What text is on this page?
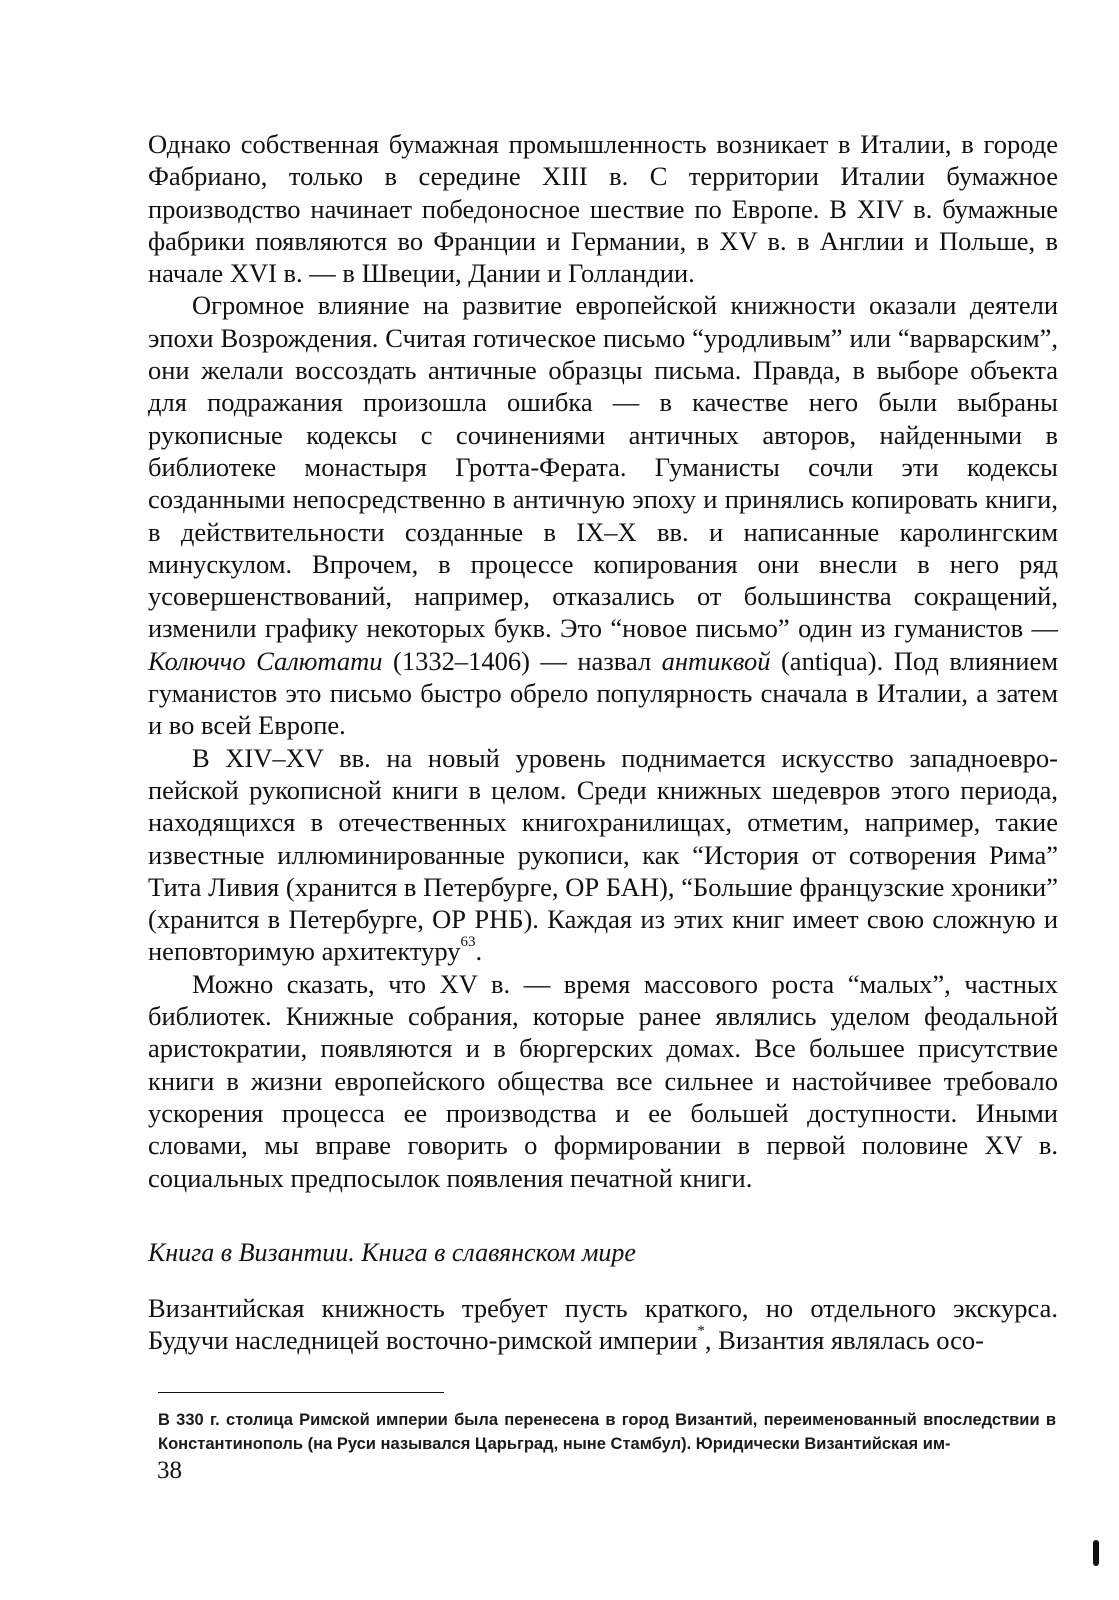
Однако собственная бумажная промышленность возникает в Италии, в городе Фабриано, только в середине XIII в. С территории Италии бумажное производство начинает победоносное шествие по Европе. В XIV в. бумажные фабрики появляются во Франции и Германии, в XV в. в Англии и Польше, в начале XVI в. — в Швеции, Дании и Голландии.

Огромное влияние на развитие европейской книжности оказали деятели эпохи Возрождения. Считая готическое письмо “уродливым” или “варварским”, они желали воссоздать античные образцы письма. Правда, в выборе объекта для подражания произошла ошибка — в качестве него были выбраны рукописные кодексы с сочинениями античных авторов, найденными в библиотеке монастыря Гротта-Ферата. Гуманисты сочли эти кодексы созданными непосредственно в античную эпоху и принялись копировать книги, в действительности созданные в IX–X вв. и написанные каролингским минускулом. Впрочем, в процессе копирования они внесли в него ряд усовершенствований, например, отказались от большинства сокращений, изменили графику некоторых букв. Это “новое письмо” один из гуманистов — Колюччо Салютати (1332–1406) — назвал антиквой (antiqua). Под влиянием гуманистов это письмо быстро обрело популярность сначала в Италии, а затем и во всей Европе.

В XIV–XV вв. на новый уровень поднимается искусство западноевропейской рукописной книги в целом. Среди книжных шедевров этого периода, находящихся в отечественных книгохранилищах, отметим, например, такие известные иллюминированные рукописи, как “История от сотворения Рима” Тита Ливия (хранится в Петербурге, ОР БАН), “Большие французские хроники” (хранится в Петербурге, ОР РНБ). Каждая из этих книг имеет свою сложную и неповторимую архитектуру$^{63}$.

Можно сказать, что XV в. — время массового роста “малых”, частных библиотек. Книжные собрания, которые ранее являлись уделом феодальной аристократии, появляются и в бюргерских домах. Все большее присутствие книги в жизни европейского общества все сильнее и настойчивее требовало ускорения процесса ее производства и ее большей доступности. Иными словами, мы вправе говорить о формировании в первой половине XV в. социальных предпосылок появления печатной книги.

Книга в Византии. Книга в славянском мире

Византийская книжность требует пусть краткого, но отдельного экскурса. Будучи наследницей восточно-римской империи*, Византия являлась осо-

В 330 г. столица Римской империи была перенесена в город Византий, переименованный впоследствии в Константинополь (на Руси назывался Царьград, ныне Стамбул). Юридически Византийская им-

38
